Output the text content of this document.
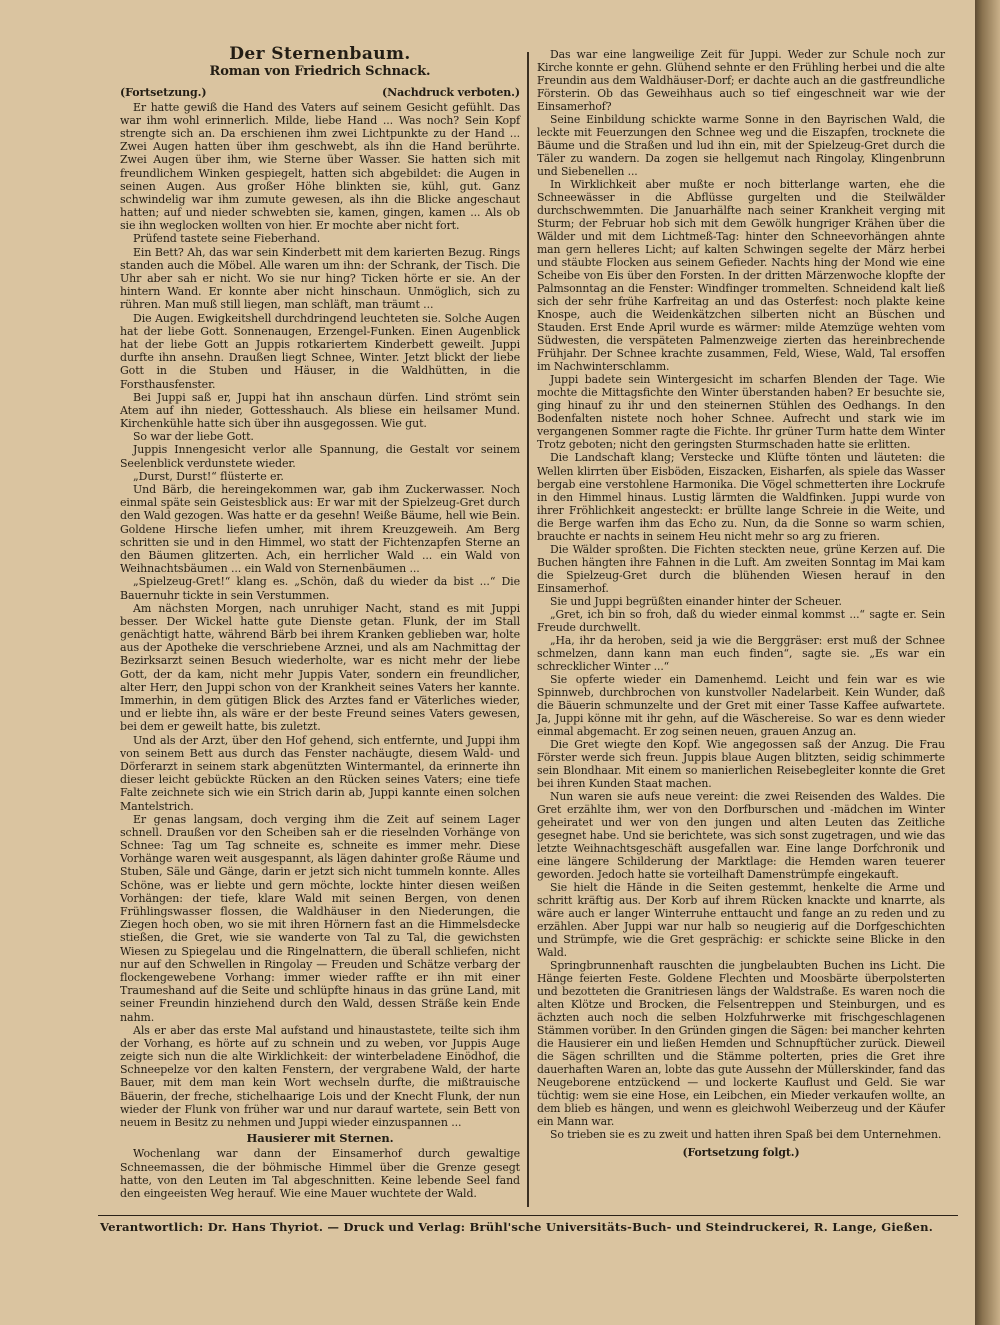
Der Sternenbaum.
Roman von Friedrich Schnack.
(Fortsetzung.)	(Nachdruck verboten.)

Er hatte gewiß die Hand des Vaters auf seinem Gesicht gefühlt. Das war ihm wohl erinnerlich. Milde, liebe Hand ... Was noch? Sein Kopf strengte sich an. Da erschienen ihm zwei Lichtpunkte zu der Hand ... Zwei Augen hatten über ihm geschwebt, als ihn die Hand berührte. Zwei Augen über ihm, wie Sterne über Wasser. Sie hatten sich mit freundlichem Winken gespiegelt, hatten sich abgebildet: die Augen in seinen Augen. Aus großer Höhe blinkten sie, kühl, gut. Ganz schwindelig war ihm zumute gewesen, als ihn die Blicke angeschaut hatten; auf und nieder schwebten sie, kamen, gingen, kamen ... Als ob sie ihn weglocken wollten von hier. Er mochte aber nicht fort.

Prüfend tastete seine Fieberhand.

Ein Bett? Ah, das war sein Kinderbett mit dem karierten Bezug. Rings standen auch die Möbel. Alle waren um ihn: der Schrank, der Tisch. Die Uhr aber sah er nicht. Wo sie nur hing? Ticken hörte er sie. An der hintern Wand. Er konnte aber nicht hinschaun. Unmöglich, sich zu rühren. Man muß still liegen, man schläft, man träumt ...

Die Augen. Ewigkeitshell durchdringend leuchteten sie. Solche Augen hat der liebe Gott. Sonnenaugen, Erzengel-Funken. Einen Augenblick hat der liebe Gott an Juppis rotkariertem Kinderbett geweilt. Juppi durfte ihn ansehn. Draußen liegt Schnee, Winter. Jetzt blickt der liebe Gott in die Stuben und Häuser, in die Waldhütten, in die Forsthausfenster.

Bei Juppi saß er, Juppi hat ihn anschaun dürfen. Lind strömt sein Atem auf ihn nieder, Gottesshauch. Als bliese ein heilsamer Mund. Kirchenkühle hatte sich über ihn ausgegossen. Wie gut.

So war der liebe Gott.

Juppis Innengesicht verlor alle Spannung, die Gestalt vor seinem Seelenblick verdunstete wieder.

„Durst, Durst!“ flüsterte er.

Und Bärb, die hereingekommen war, gab ihm Zuckerwasser. Noch einmal späte sein Geistesblick aus: Er war mit der Spielzeug-Gret durch den Wald gezogen. Was hatte er da gesehn! Weiße Bäume, hell wie Bein. Goldene Hirsche liefen umher, mit ihrem Kreuzgeweih. Am Berg schritten sie und in den Himmel, wo statt der Fichtenzapfen Sterne an den Bäumen glitzerten. Ach, ein herrlicher Wald ... ein Wald von Weihnachtsbäumen ... ein Wald von Sternenbäumen ...

„Spielzeug-Gret!“ klang es. „Schön, daß du wieder da bist ...“ Die Bauernuhr tickte in sein Verstummen.

Am nächsten Morgen, nach unruhiger Nacht, stand es mit Juppi besser. Der Wickel hatte gute Dienste getan. Flunk, der im Stall genächtigt hatte, während Bärb bei ihrem Kranken geblieben war, holte aus der Apotheke die verschriebene Arznei, und als am Nachmittag der Bezirksarzt seinen Besuch wiederholte, war es nicht mehr der liebe Gott, der da kam, nicht mehr Juppis Vater, sondern ein freundlicher, alter Herr, den Juppi schon von der Krankheit seines Vaters her kannte. Immerhin, in dem gütigen Blick des Arztes fand er Väterliches wieder, und er liebte ihn, als wäre er der beste Freund seines Vaters gewesen, bei dem er geweilt hatte, bis zuletzt.

Und als der Arzt, über den Hof gehend, sich entfernte, und Juppi ihm von seinem Bett aus durch das Fenster nachäugte, diesem Wald- und Dörferarzt in seinem stark abgenützten Wintermantel, da erinnerte ihn dieser leicht gebückte Rücken an den Rücken seines Vaters; eine tiefe Falte zeichnete sich wie ein Strich darin ab, Juppi kannte einen solchen Mantelstrich.

Er genas langsam, doch verging ihm die Zeit auf seinem Lager schnell. Draußen vor den Scheiben sah er die rieselnden Vorhänge von Schnee: Tag um Tag schneite es, schneite es immer mehr. Diese Vorhänge waren weit ausgespannt, als lägen dahinter große Räume und Stuben, Säle und Gänge, darin er jetzt sich nicht tummeln konnte. Alles Schöne, was er liebte und gern möchte, lockte hinter diesen weißen Vorhängen: der tiefe, klare Wald mit seinen Bergen, von denen Frühlingswasser flossen, die Waldhäuser in den Niederungen, die Ziegen hoch oben, wo sie mit ihren Hörnern fast an die Himmelsdecke stießen, die Gret, wie sie wanderte von Tal zu Tal, die gewichsten Wiesen zu Spiegelau und die Ringelnattern, die überall schliefen, nicht nur auf den Schwellen in Ringolay — Freuden und Schätze verbarg der flockengewebene Vorhang: immer wieder raffte er ihn mit einer Traumeshand auf die Seite und schlüpfte hinaus in das grüne Land, mit seiner Freundin hinziehend durch den Wald, dessen Sträße kein Ende nahm.

Als er aber das erste Mal aufstand und hinaustastete, teilte sich ihm der Vorhang, es hörte auf zu schnein und zu weben, vor Juppis Auge zeigte sich nun die alte Wirklichkeit: der winterbeladene Einödhof, die Schneepelze vor den kalten Fenstern, der vergrabene Wald, der harte Bauer, mit dem man kein Wort wechseln durfte, die mißtrauische Bäuerin, der freche, stichelhaarige Lois und der Knecht Flunk, der nun wieder der Flunk von früher war und nur darauf wartete, sein Bett von neuem in Besitz zu nehmen und Juppi wieder einzuspannen ...

Hausierer mit Sternen.

Wochenlang war dann der Einsamerhof durch gewaltige Schneemassen, die der böhmische Himmel über die Grenze gesegt hatte, von den Leuten im Tal abgeschnitten. Keine lebende Seel fand den eingeeisten Weg herauf. Wie eine Mauer wuchtete der Wald.

Das war eine langweilige Zeit für Juppi. Weder zur Schule noch zur Kirche konnte er gehn. Glühend sehnte er den Frühling herbei und die alte Freundin aus dem Waldhäuser-Dorf; er dachte auch an die gastfreundliche Försterin. Ob das Geweihhaus auch so tief eingeschneit war wie der Einsamerhof?

Seine Einbildung schickte warme Sonne in den Bayrischen Wald, die leckte mit Feuerzungen den Schnee weg und die Eiszapfen, trocknete die Bäume und die Straßen und lud ihn ein, mit der Spielzeug-Gret durch die Täler zu wandern. Da zogen sie hellgemut nach Ringolay, Klingenbrunn und Siebenellen ...

In Wirklichkeit aber mußte er noch bitterlange warten, ehe die Schneewässer in die Abflüsse gurgelten und die Steilwälder durchschwemmten. Die Januarhälfte nach seiner Krankheit verging mit Sturm; der Februar hob sich mit dem Gewölk hungriger Krähen über die Wälder und mit dem Lichtmeß-Tag: hinter den Schneevorhängen ahnte man gern helleres Licht; auf kalten Schwingen segelte der März herbei und stäubte Flocken aus seinem Gefieder. Nachts hing der Mond wie eine Scheibe von Eis über den Forsten. In der dritten Märzenwoche klopfte der Palmsonntag an die Fenster: Windfinger trommelten. Schneidend kalt ließ sich der sehr frühe Karfreitag an und das Osterfest: noch plakte keine Knospe, auch die Weidenkätzchen silberten nicht an Büschen und Stauden. Erst Ende April wurde es wärmer: milde Atemzüge wehten vom Südwesten, die verspäteten Palmenzweige zierten das hereinbrechende Frühjahr. Der Schnee krachte zusammen, Feld, Wiese, Wald, Tal ersoffen im Nachwinterschlamm.

Juppi badete sein Wintergesicht im scharfen Blenden der Tage. Wie mochte die Mittagsfichte den Winter überstanden haben? Er besuchte sie, ging hinauf zu ihr und den steinernen Stühlen des Oedhangs. In den Bodenfalten nistete noch hoher Schnee. Aufrecht und stark wie im vergangenen Sommer ragte die Fichte. Ihr grüner Turm hatte dem Winter Trotz geboten; nicht den geringsten Sturmschaden hatte sie erlitten.

Die Landschaft klang; Verstecke und Klüfte tönten und läuteten: die Wellen klirrten über Eisböden, Eiszacken, Eisharfen, als spiele das Wasser bergab eine verstohlene Harmonika. Die Vögel schmetterten ihre Lockrufe in den Himmel hinaus. Lustig lärmten die Waldfinken. Juppi wurde von ihrer Fröhlichkeit angesteckt: er brüllte lange Schreie in die Weite, und die Berge warfen ihm das Echo zu. Nun, da die Sonne so warm schien, brauchte er nachts in seinem Heu nicht mehr so arg zu frieren.

Die Wälder sproßten. Die Fichten steckten neue, grüne Kerzen auf. Die Buchen hängten ihre Fahnen in die Luft. Am zweiten Sonntag im Mai kam die Spielzeug-Gret durch die blühenden Wiesen herauf in den Einsamerhof.

Sie und Juppi begrüßten einander hinter der Scheuer.

„Gret, ich bin so froh, daß du wieder einmal kommst ...“ sagte er. Sein Freude durchwellt.

„Ha, ihr da heroben, seid ja wie die Berggräser: erst muß der Schnee schmelzen, dann kann man euch finden“, sagte sie. „Es war ein schrecklicher Winter ...“

Sie opferte wieder ein Damenhemd. Leicht und fein war es wie Spinnweb, durchbrochen von kunstvoller Nadelarbeit. Kein Wunder, daß die Bäuerin schmunzelte und der Gret mit einer Tasse Kaffee aufwartete. Ja, Juppi könne mit ihr gehn, auf die Wäschereise. So war es denn wieder einmal abgemacht. Er zog seinen neuen, grauen Anzug an.

Die Gret wiegte den Kopf. Wie angegossen saß der Anzug. Die Frau Förster werde sich freun. Juppis blaue Augen blitzten, seidig schimmerte sein Blondhaar. Mit einem so manierlichen Reisebegleiter konnte die Gret bei ihren Kunden Staat machen.

Nun waren sie aufs neue vereint: die zwei Reisenden des Waldes. Die Gret erzählte ihm, wer von den Dorfburschen und -mädchen im Winter geheiratet und wer von den jungen und alten Leuten das Zeitliche gesegnet habe. Und sie berichtete, was sich sonst zugetragen, und wie das letzte Weihnachtsgeschäft ausgefallen war. Eine lange Dorfchronik und eine längere Schilderung der Marktlage: die Hemden waren teuerer geworden. Jedoch hatte sie vorteilhaft Damenstrümpfe eingekauft.

Sie hielt die Hände in die Seiten gestemmt, henkelte die Arme und schritt kräftig aus. Der Korb auf ihrem Rücken knackte und knarrte, als wäre auch er langer Winterruhe enttaucht und fange an zu reden und zu erzählen. Aber Juppi war nur halb so neugierig auf die Dorfgeschichten und Strümpfe, wie die Gret gesprächig: er schickte seine Blicke in den Wald.

Springbrunnenhaft rauschten die jungbelaubten Buchen ins Licht. Die Hänge feierten Feste. Goldene Flechten und Moosbärte überpolsterten und bezotteten die Granitriesen längs der Waldstraße. Es waren noch die alten Klötze und Brocken, die Felsentreppen und Steinburgen, und es ächzten auch noch die selben Holzfuhrwerke mit frischgeschlagenen Stämmen vorüber. In den Gründen gingen die Sägen: bei mancher kehrten die Hausierer ein und ließen Hemden und Schnupftücher zurück. Dieweil die Sägen schrillten und die Stämme polterten, pries die Gret ihre dauerhaften Waren an, lobte das gute Aussehn der Müllerskinder, fand das Neugeborene entzückend — und lockerte Kauflust und Geld. Sie war tüchtig: wem sie eine Hose, ein Leibchen, ein Mieder verkaufen wollte, an dem blieb es hängen, und wenn es gleichwohl Weiberzeug und der Käufer ein Mann war.

So trieben sie es zu zweit und hatten ihren Spaß bei dem Unternehmen.

(Fortsetzung folgt.)
Verantwortlich: Dr. Hans Thyriot. — Druck und Verlag: Brühl'sche Universitäts-Buch- und Steindruckerei, R. Lange, Gießen.
